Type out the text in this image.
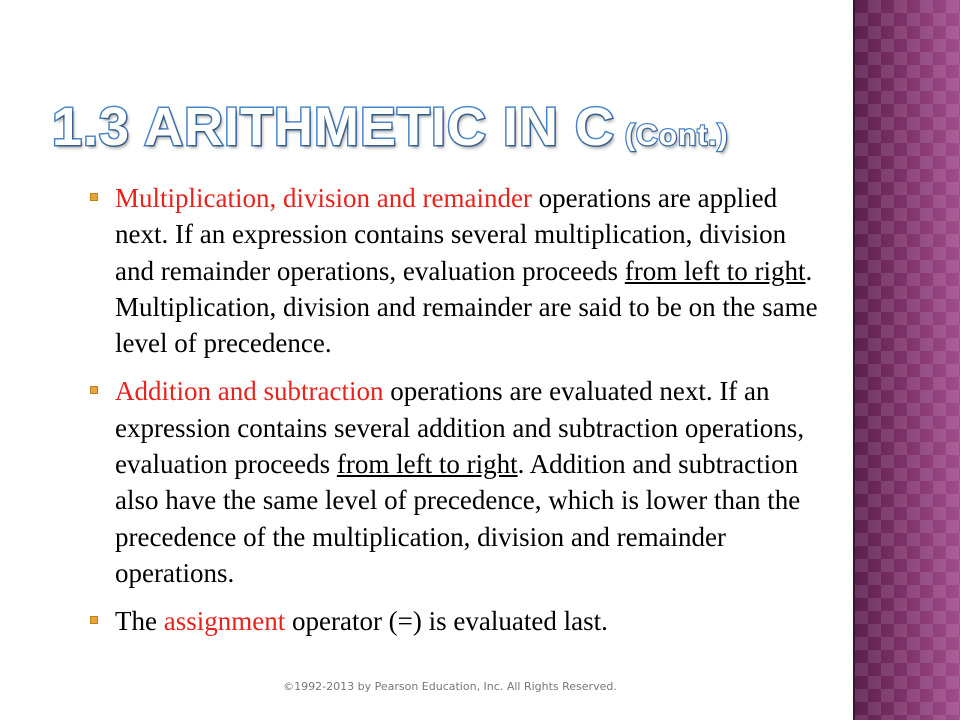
1.3 ARITHMETIC IN C (Cont.)
Multiplication, division and remainder operations are applied next. If an expression contains several multiplication, division and remainder operations, evaluation proceeds from left to right. Multiplication, division and remainder are said to be on the same level of precedence.
Addition and subtraction operations are evaluated next. If an expression contains several addition and subtraction operations, evaluation proceeds from left to right. Addition and subtraction also have the same level of precedence, which is lower than the precedence of the multiplication, division and remainder operations.
The assignment operator (=) is evaluated last.
©1992-2013 by Pearson Education, Inc. All Rights Reserved.
